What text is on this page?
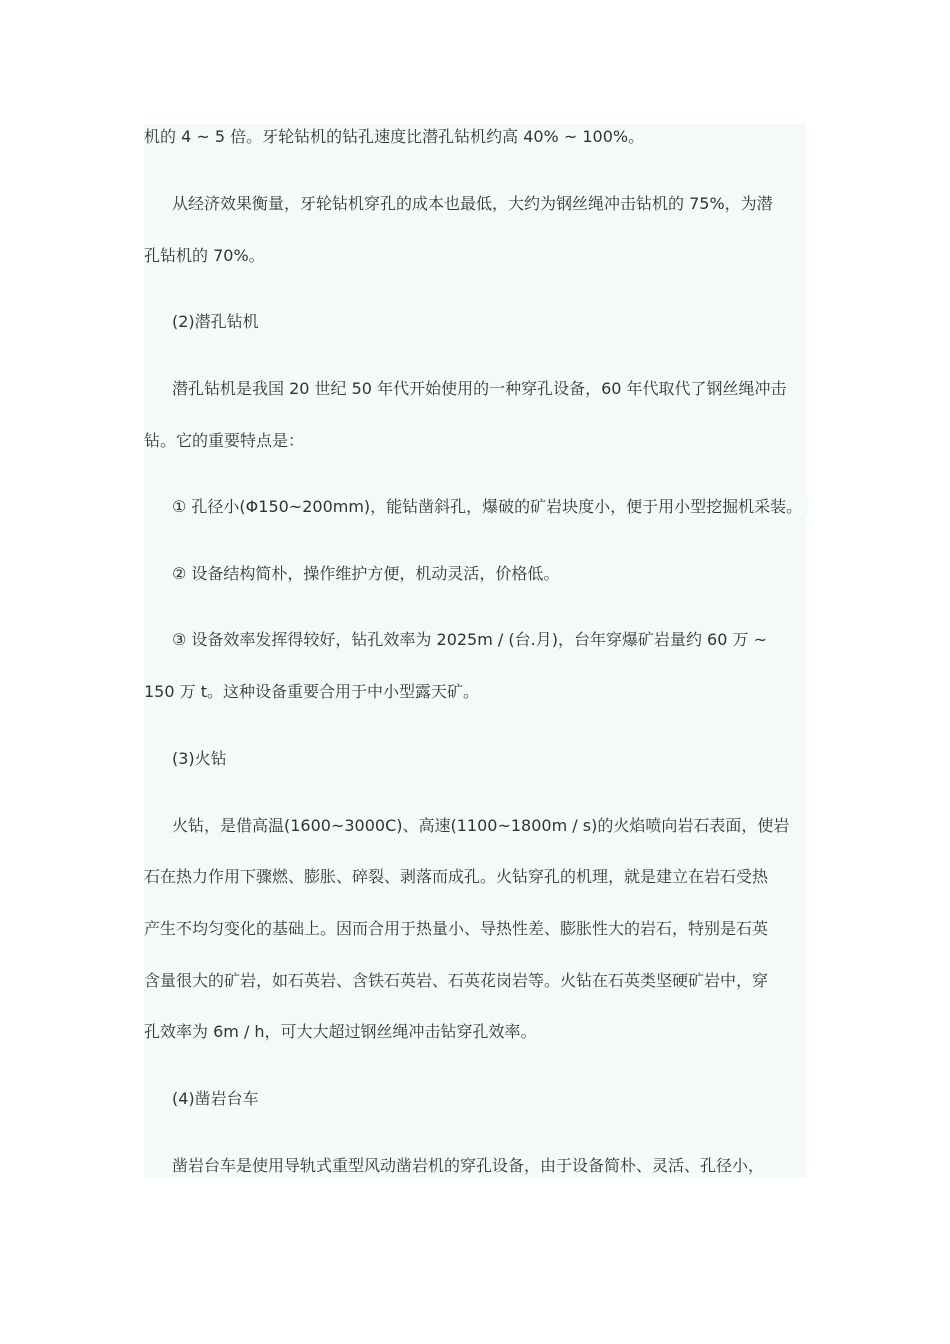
机的 4 ~ 5 倍。牙轮钻机的钻孔速度比潜孔钻机约高 40% ~ 100%。
从经济效果衡量，牙轮钻机穿孔的成本也最低，大约为钢丝绳冲击钻机的 75%，为潜
孔钻机的 70%。
(2)潜孔钻机
潜孔钻机是我国 20 世纪 50 年代开始使用的一种穿孔设备，60 年代取代了钢丝绳冲击
钻。它的重要特点是：
① 孔径小(Φ150~200mm)，能钻凿斜孔，爆破的矿岩块度小，便于用小型挖掘机采装。
② 设备结构简朴，操作维护方便，机动灵活，价格低。
③ 设备效率发挥得较好，钻孔效率为 2025m / (台.月)，台年穿爆矿岩量约 60 万 ~
150 万 t。这种设备重要合用于中小型露天矿。
(3)火钻
火钻，是借高温(1600~3000C)、高速(1100~1800m / s)的火焰喷向岩石表面，使岩
石在热力作用下骤燃、膨胀、碎裂、剥落而成孔。火钻穿孔的机理，就是建立在岩石受热
产生不均匀变化的基础上。因而合用于热量小、导热性差、膨胀性大的岩石，特别是石英
含量很大的矿岩，如石英岩、含铁石英岩、石英花岗岩等。火钻在石英类坚硬矿岩中，穿
孔效率为 6m / h，可大大超过钢丝绳冲击钻穿孔效率。
(4)凿岩台车
凿岩台车是使用导轨式重型风动凿岩机的穿孔设备，由于设备简朴、灵活、孔径小，
